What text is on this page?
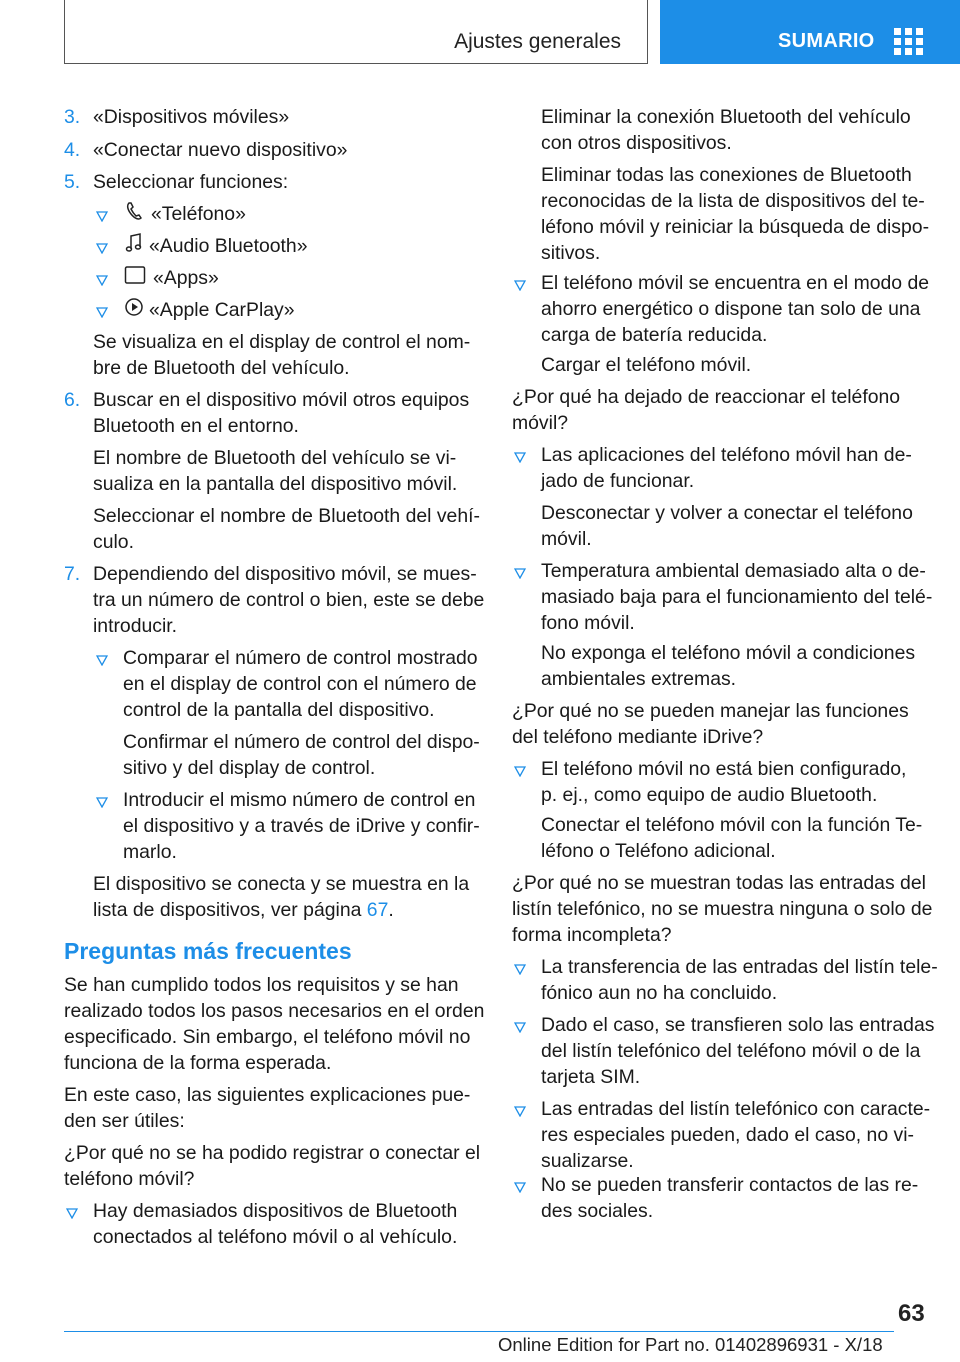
Ajustes generales	SUMARIO
3. «Dispositivos móviles»
4. «Conectar nuevo dispositivo»
5. Seleccionar funciones:
«Teléfono»
«Audio Bluetooth»
«Apps»
«Apple CarPlay»
Se visualiza en el display de control el nom-
bre de Bluetooth del vehículo.
6. Buscar en el dispositivo móvil otros equipos
Bluetooth en el entorno.
El nombre de Bluetooth del vehículo se vi-
sualiza en la pantalla del dispositivo móvil.
Seleccionar el nombre de Bluetooth del vehí-
culo.
7. Dependiendo del dispositivo móvil, se mues-
tra un número de control o bien, este se debe
introducir.
Comparar el número de control mostrado
en el display de control con el número de
control de la pantalla del dispositivo.
Confirmar el número de control del dispo-
sitivo y del display de control.
Introducir el mismo número de control en
el dispositivo y a través de iDrive y confir-
marlo.
El dispositivo se conecta y se muestra en la
lista de dispositivos, ver página 67.
Preguntas más frecuentes
Se han cumplido todos los requisitos y se han
realizado todos los pasos necesarios en el orden
especificado. Sin embargo, el teléfono móvil no
funciona de la forma esperada.
En este caso, las siguientes explicaciones pue-
den ser útiles:
¿Por qué no se ha podido registrar o conectar el
teléfono móvil?
Hay demasiados dispositivos de Bluetooth
conectados al teléfono móvil o al vehículo.
Eliminar la conexión Bluetooth del vehículo
con otros dispositivos.
Eliminar todas las conexiones de Bluetooth
reconocidas de la lista de dispositivos del te-
léfono móvil y reiniciar la búsqueda de dispo-
sitivos.
El teléfono móvil se encuentra en el modo de
ahorro energético o dispone tan solo de una
carga de batería reducida.
Cargar el teléfono móvil.
¿Por qué ha dejado de reaccionar el teléfono
móvil?
Las aplicaciones del teléfono móvil han de-
jado de funcionar.
Desconectar y volver a conectar el teléfono
móvil.
Temperatura ambiental demasiado alta o de-
masiado baja para el funcionamiento del telé-
fono móvil.
No exponga el teléfono móvil a condiciones
ambientales extremas.
¿Por qué no se pueden manejar las funciones
del teléfono mediante iDrive?
El teléfono móvil no está bien configurado,
p. ej., como equipo de audio Bluetooth.
Conectar el teléfono móvil con la función Te-
léfono o Teléfono adicional.
¿Por qué no se muestran todas las entradas del
listín telefónico, no se muestra ninguna o solo de
forma incompleta?
La transferencia de las entradas del listín tele-
fónico aun no ha concluido.
Dado el caso, se transfieren solo las entradas
del listín telefónico del teléfono móvil o de la
tarjeta SIM.
Las entradas del listín telefónico con caracte-
res especiales pueden, dado el caso, no vi-
sualizarse.
No se pueden transferir contactos de las re-
des sociales.
63
Online Edition for Part no. 01402896931 - X/18
